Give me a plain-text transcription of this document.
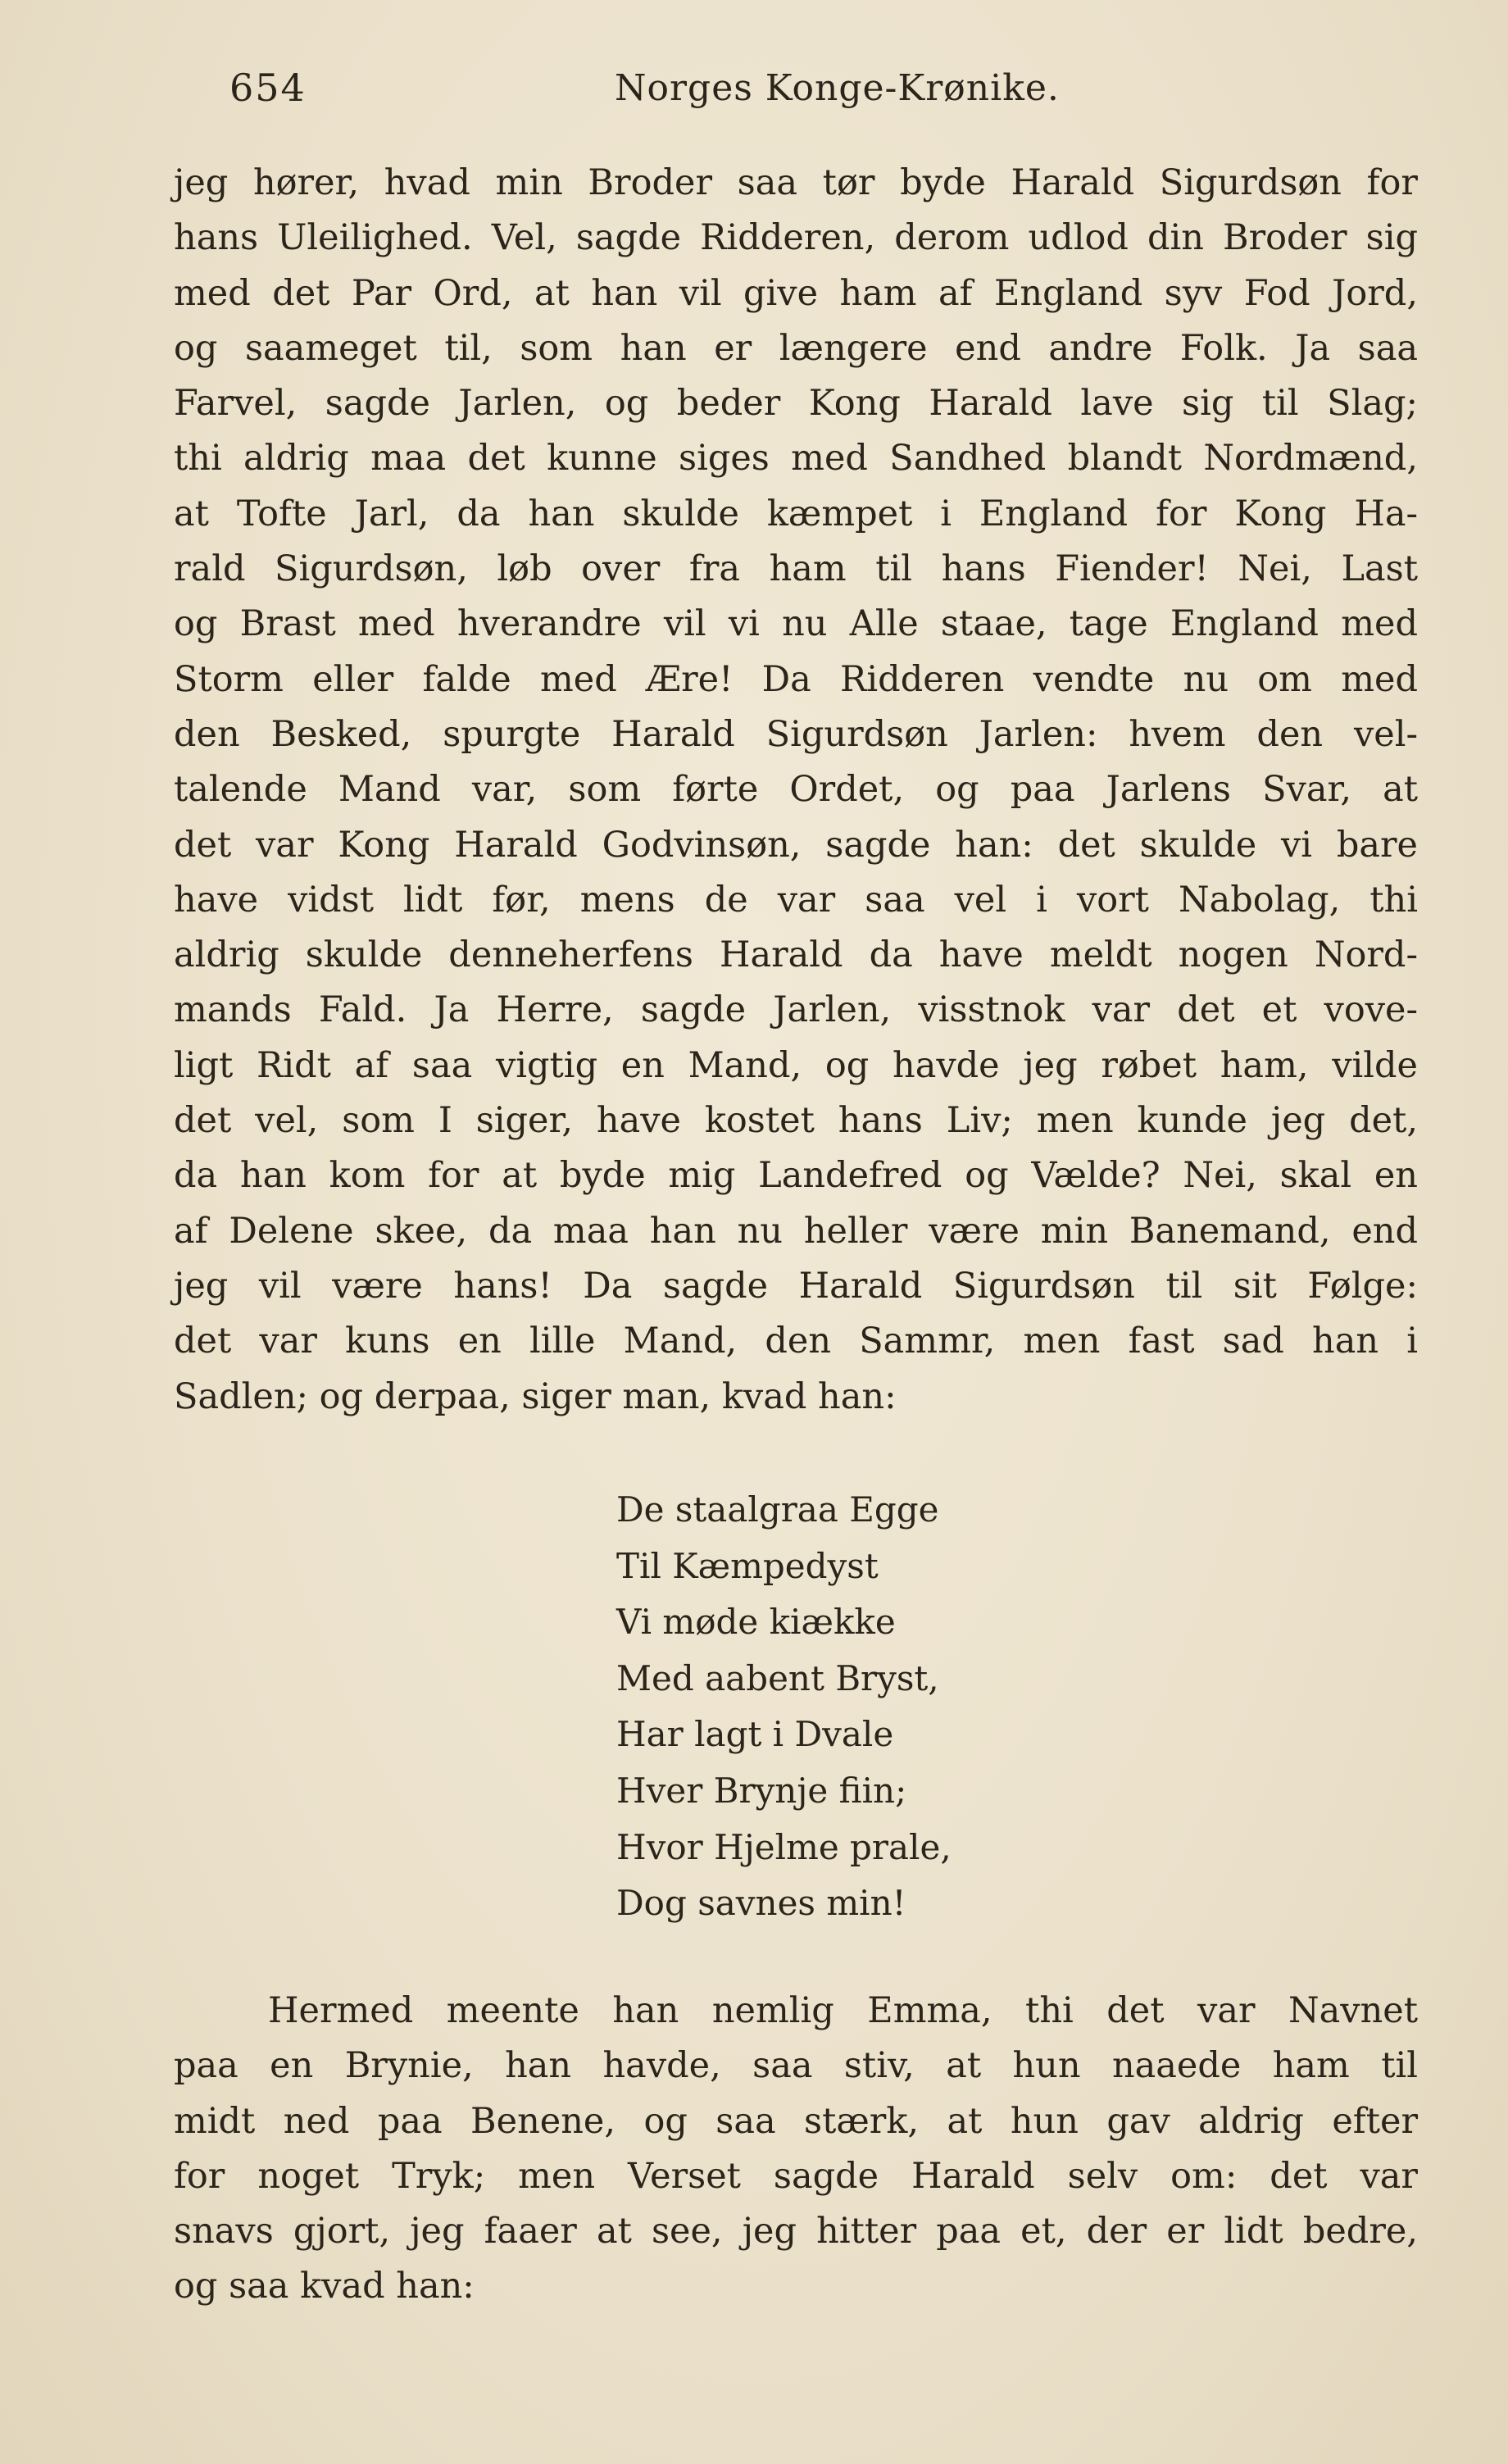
654	Norges Konge-Krønike.
jeg hører, hvad min Broder saa tør byde Harald Sigurdsøn for
hans Uleilighed. Vel, sagde Ridderen, derom udlod din Broder sig
med det Par Ord, at han vil give ham af England syv Fod Jord,
og saameget til, som han er længere end andre Folk. Ja saa
Farvel, sagde Jarlen, og beder Kong Harald lave sig til Slag;
thi aldrig maa det kunne siges med Sandhed blandt Nordmænd,
at Tofte Jarl, da han skulde kæmpet i England for Kong Ha-
rald Sigurdsøn, løb over fra ham til hans Fiender! Nei, Last
og Brast med hverandre vil vi nu Alle staae, tage England med
Storm eller falde med Ære! Da Ridderen vendte nu om med
den Besked, spurgte Harald Sigurdsøn Jarlen: hvem den vel-
talende Mand var, som førte Ordet, og paa Jarlens Svar, at
det var Kong Harald Godvinsøn, sagde han: det skulde vi bare
have vidst lidt før, mens de var saa vel i vort Nabolag, thi
aldrig skulde denneherfens Harald da have meldt nogen Nord-
mands Fald. Ja Herre, sagde Jarlen, visstnok var det et vove-
ligt Ridt af saa vigtig en Mand, og havde jeg røbet ham, vilde
det vel, som I siger, have kostet hans Liv; men kunde jeg det,
da han kom for at byde mig Landefred og Vælde? Nei, skal en
af Delene skee, da maa han nu heller være min Banemand, end
jeg vil være hans! Da sagde Harald Sigurdsøn til sit Følge:
det var kuns en lille Mand, den Sammr, men fast sad han i
Sadlen; og derpaa, siger man, kvad han:
De staalgraa Egge
Til Kæmpedyst
Vi møde kiække
Med aabent Bryst,
Har lagt i Dvale
Hver Brynje fiin;
Hvor Hjelme prale,
Dog savnes min!
Hermed meente han nemlig Emma, thi det var Navnet
paa en Brynie, han havde, saa stiv, at hun naaede ham til
midt ned paa Benene, og saa stærk, at hun gav aldrig efter
for noget Tryk; men Verset sagde Harald selv om: det var
snavs gjort, jeg faaer at see, jeg hitter paa et, der er lidt bedre,
og saa kvad han:
